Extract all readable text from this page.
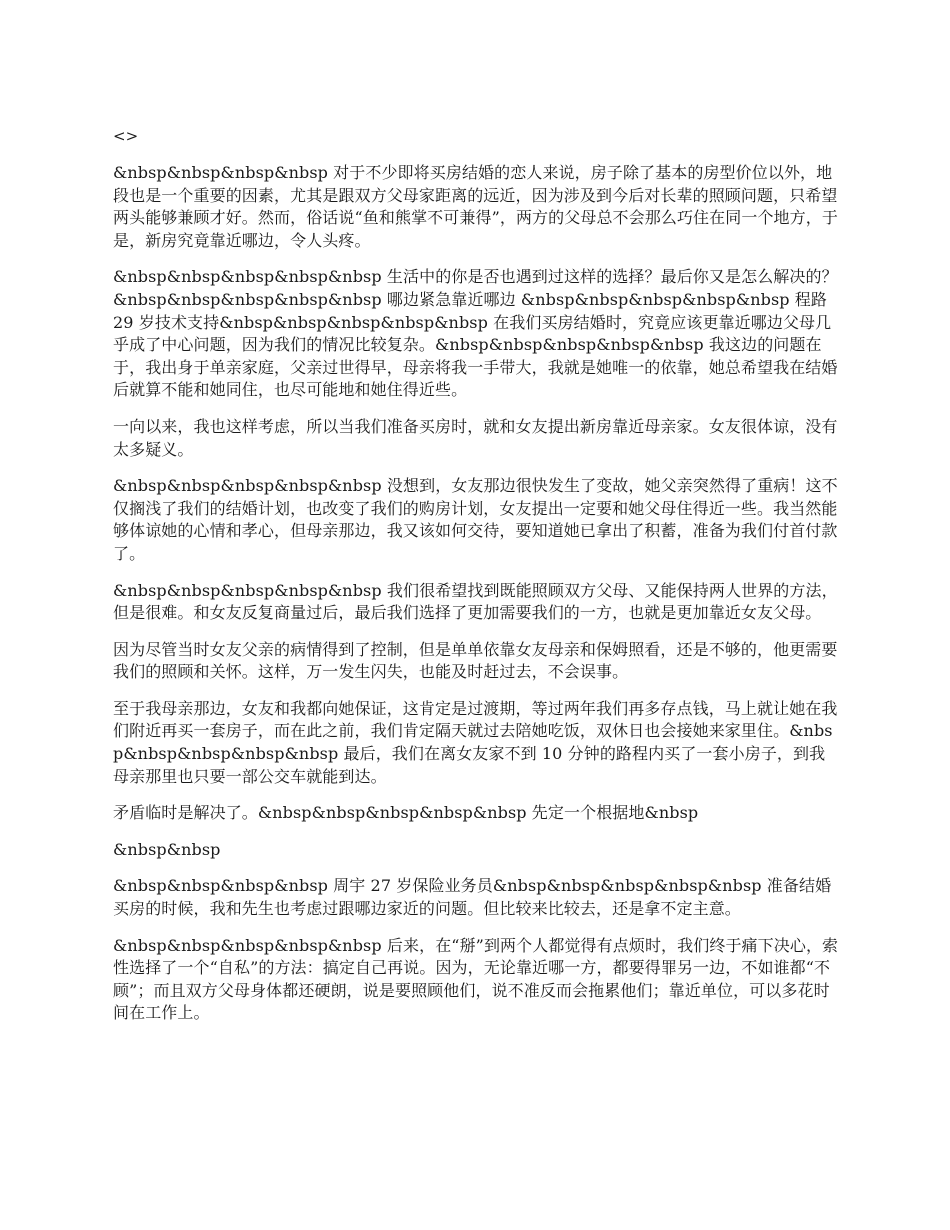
<>

&nbsp&nbsp&nbsp&nbsp 对于不少即将买房结婚的恋人来说，房子除了基本的房型价位以外，地段也是一个重要的因素，尤其是跟双方父母家距离的远近，因为涉及到今后对长辈的照顾问题，只希望两头能够兼顾才好。然而，俗话说“鱼和熊掌不可兼得”，两方的父母总不会那么巧住在同一个地方，于是，新房究竟靠近哪边，令人头疼。

&nbsp&nbsp&nbsp&nbsp&nbsp 生活中的你是否也遇到过这样的选择？最后你又是怎么解决的？&nbsp&nbsp&nbsp&nbsp&nbsp 哪边紧急靠近哪边 &nbsp&nbsp&nbsp&nbsp&nbsp 程路 29 岁技术支持&nbsp&nbsp&nbsp&nbsp&nbsp 在我们买房结婚时，究竟应该更靠近哪边父母几乎成了中心问题，因为我们的情况比较复杂。&nbsp&nbsp&nbsp&nbsp&nbsp 我这边的问题在于，我出身于单亲家庭，父亲过世得早，母亲将我一手带大，我就是她唯一的依靠，她总希望我在结婚后就算不能和她同住，也尽可能地和她住得近些。

一向以来，我也这样考虑，所以当我们准备买房时，就和女友提出新房靠近母亲家。女友很体谅，没有太多疑义。

&nbsp&nbsp&nbsp&nbsp&nbsp 没想到，女友那边很快发生了变故，她父亲突然得了重病！这不仅搁浅了我们的结婚计划，也改变了我们的购房计划，女友提出一定要和她父母住得近一些。我当然能够体谅她的心情和孝心，但母亲那边，我又该如何交待，要知道她已拿出了积蓄，准备为我们付首付款了。

&nbsp&nbsp&nbsp&nbsp&nbsp 我们很希望找到既能照顾双方父母、又能保持两人世界的方法，但是很难。和女友反复商量过后，最后我们选择了更加需要我们的一方，也就是更加靠近女友父母。

因为尽管当时女友父亲的病情得到了控制，但是单单依靠女友母亲和保姆照看，还是不够的，他更需要我们的照顾和关怀。这样，万一发生闪失，也能及时赶过去，不会误事。

至于我母亲那边，女友和我都向她保证，这肯定是过渡期，等过两年我们再多存点钱，马上就让她在我们附近再买一套房子，而在此之前，我们肯定隔天就过去陪她吃饭，双休日也会接她来家里住。&nbsp&nbsp&nbsp&nbsp&nbsp 最后，我们在离女友家不到 10 分钟的路程内买了一套小房子，到我母亲那里也只要一部公交车就能到达。

矛盾临时是解决了。&nbsp&nbsp&nbsp&nbsp&nbsp 先定一个根据地&nbsp

&nbsp&nbsp

&nbsp&nbsp&nbsp&nbsp 周宇 27 岁保险业务员&nbsp&nbsp&nbsp&nbsp&nbsp 准备结婚买房的时候，我和先生也考虑过跟哪边家近的问题。但比较来比较去，还是拿不定主意。

&nbsp&nbsp&nbsp&nbsp&nbsp 后来，在“掰”到两个人都觉得有点烦时，我们终于痛下决心，索性选择了一个“自私”的方法：搞定自己再说。因为，无论靠近哪一方，都要得罪另一边，不如谁都“不顾”；而且双方父母身体都还硬朗，说是要照顾他们，说不准反而会拖累他们；靠近单位，可以多花时间在工作上。
